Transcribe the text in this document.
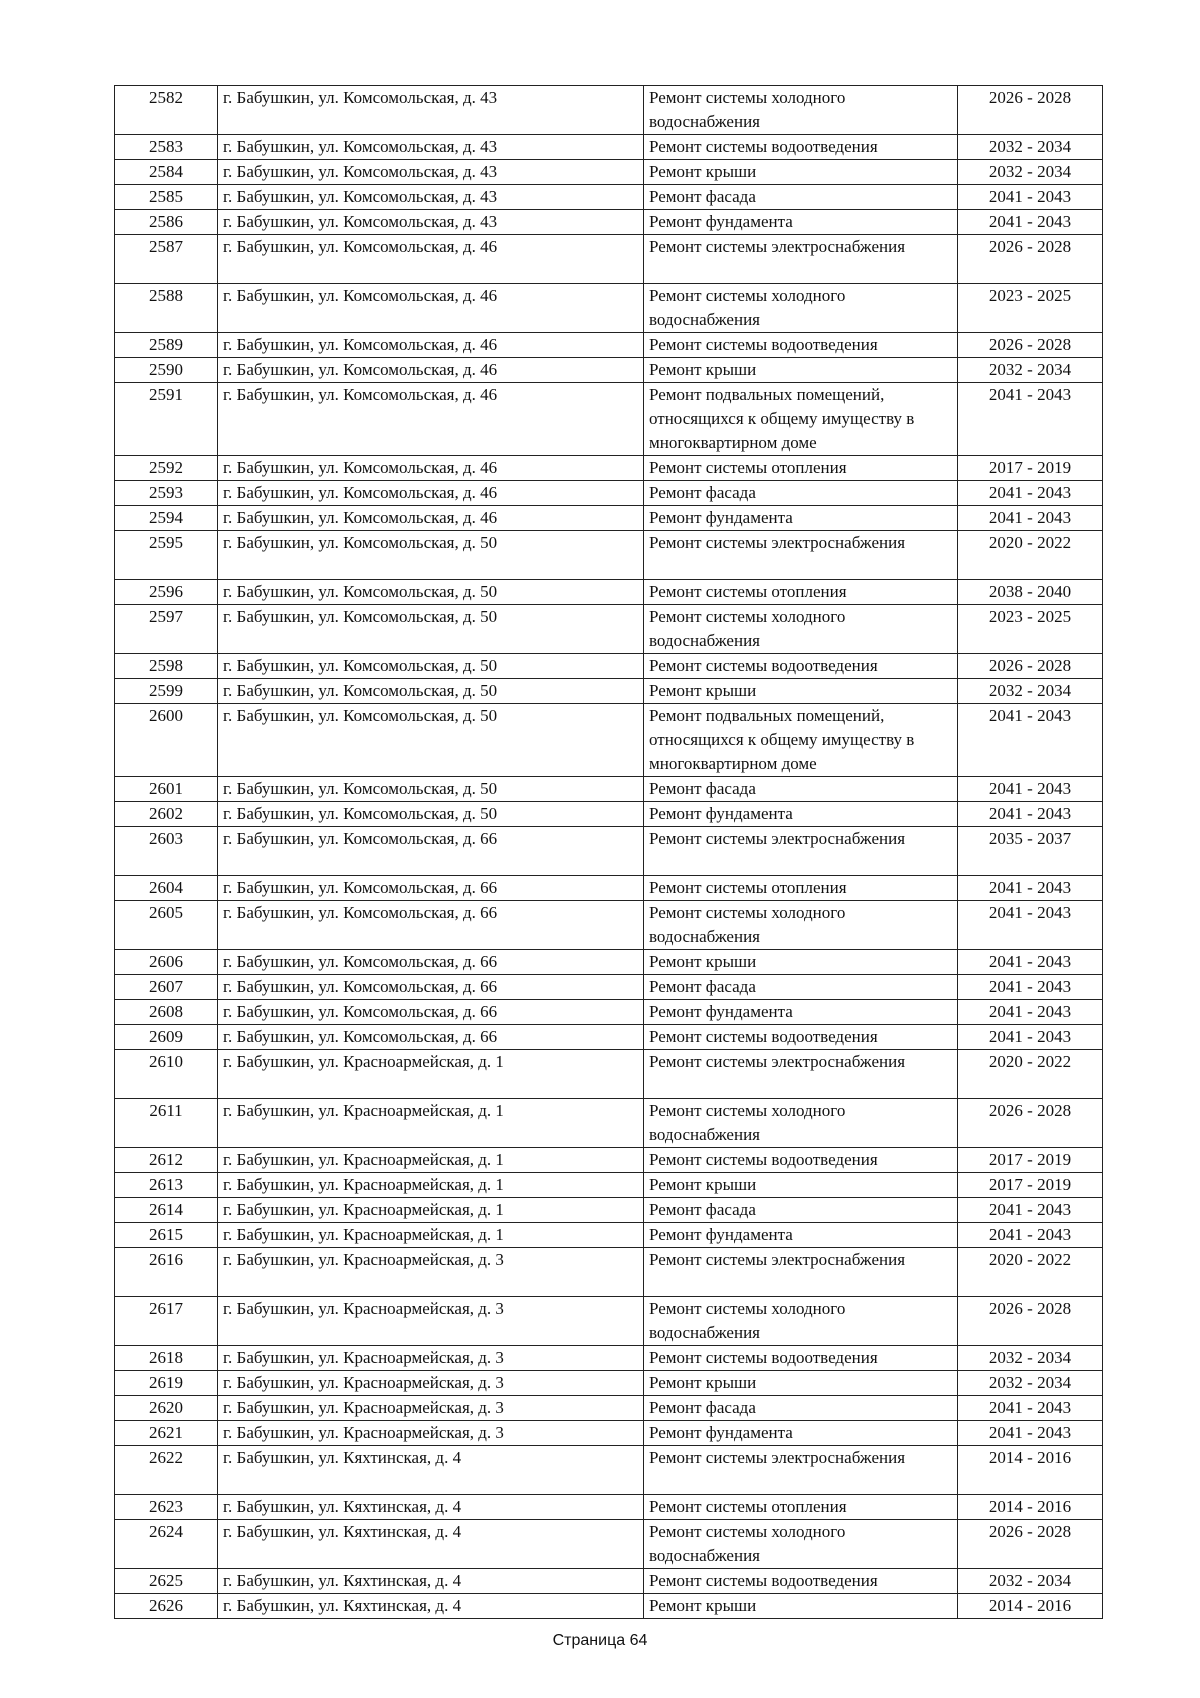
2582	г. Бабушкин, ул. Комсомольская, д. 43	Ремонт системы холодного водоснабжения	2026 - 2028
2583	г. Бабушкин, ул. Комсомольская, д. 43	Ремонт системы водоотведения	2032 - 2034
2584	г. Бабушкин, ул. Комсомольская, д. 43	Ремонт крыши	2032 - 2034
2585	г. Бабушкин, ул. Комсомольская, д. 43	Ремонт фасада	2041 - 2043
2586	г. Бабушкин, ул. Комсомольская, д. 43	Ремонт фундамента	2041 - 2043
2587	г. Бабушкин, ул. Комсомольская, д. 46	Ремонт системы электроснабжения	2026 - 2028
2588	г. Бабушкин, ул. Комсомольская, д. 46	Ремонт системы холодного водоснабжения	2023 - 2025
2589	г. Бабушкин, ул. Комсомольская, д. 46	Ремонт системы водоотведения	2026 - 2028
2590	г. Бабушкин, ул. Комсомольская, д. 46	Ремонт крыши	2032 - 2034
2591	г. Бабушкин, ул. Комсомольская, д. 46	Ремонт подвальных помещений, относящихся к общему имуществу в многоквартирном доме	2041 - 2043
2592	г. Бабушкин, ул. Комсомольская, д. 46	Ремонт системы отопления	2017 - 2019
2593	г. Бабушкин, ул. Комсомольская, д. 46	Ремонт фасада	2041 - 2043
2594	г. Бабушкин, ул. Комсомольская, д. 46	Ремонт фундамента	2041 - 2043
2595	г. Бабушкин, ул. Комсомольская, д. 50	Ремонт системы электроснабжения	2020 - 2022
2596	г. Бабушкин, ул. Комсомольская, д. 50	Ремонт системы отопления	2038 - 2040
2597	г. Бабушкин, ул. Комсомольская, д. 50	Ремонт системы холодного водоснабжения	2023 - 2025
2598	г. Бабушкин, ул. Комсомольская, д. 50	Ремонт системы водоотведения	2026 - 2028
2599	г. Бабушкин, ул. Комсомольская, д. 50	Ремонт крыши	2032 - 2034
2600	г. Бабушкин, ул. Комсомольская, д. 50	Ремонт подвальных помещений, относящихся к общему имуществу в многоквартирном доме	2041 - 2043
2601	г. Бабушкин, ул. Комсомольская, д. 50	Ремонт фасада	2041 - 2043
2602	г. Бабушкин, ул. Комсомольская, д. 50	Ремонт фундамента	2041 - 2043
2603	г. Бабушкин, ул. Комсомольская, д. 66	Ремонт системы электроснабжения	2035 - 2037
2604	г. Бабушкин, ул. Комсомольская, д. 66	Ремонт системы отопления	2041 - 2043
2605	г. Бабушкин, ул. Комсомольская, д. 66	Ремонт системы холодного водоснабжения	2041 - 2043
2606	г. Бабушкин, ул. Комсомольская, д. 66	Ремонт крыши	2041 - 2043
2607	г. Бабушкин, ул. Комсомольская, д. 66	Ремонт фасада	2041 - 2043
2608	г. Бабушкин, ул. Комсомольская, д. 66	Ремонт фундамента	2041 - 2043
2609	г. Бабушкин, ул. Комсомольская, д. 66	Ремонт системы водоотведения	2041 - 2043
2610	г. Бабушкин, ул. Красноармейская, д. 1	Ремонт системы электроснабжения	2020 - 2022
2611	г. Бабушкин, ул. Красноармейская, д. 1	Ремонт системы холодного водоснабжения	2026 - 2028
2612	г. Бабушкин, ул. Красноармейская, д. 1	Ремонт системы водоотведения	2017 - 2019
2613	г. Бабушкин, ул. Красноармейская, д. 1	Ремонт крыши	2017 - 2019
2614	г. Бабушкин, ул. Красноармейская, д. 1	Ремонт фасада	2041 - 2043
2615	г. Бабушкин, ул. Красноармейская, д. 1	Ремонт фундамента	2041 - 2043
2616	г. Бабушкин, ул. Красноармейская, д. 3	Ремонт системы электроснабжения	2020 - 2022
2617	г. Бабушкин, ул. Красноармейская, д. 3	Ремонт системы холодного водоснабжения	2026 - 2028
2618	г. Бабушкин, ул. Красноармейская, д. 3	Ремонт системы водоотведения	2032 - 2034
2619	г. Бабушкин, ул. Красноармейская, д. 3	Ремонт крыши	2032 - 2034
2620	г. Бабушкин, ул. Красноармейская, д. 3	Ремонт фасада	2041 - 2043
2621	г. Бабушкин, ул. Красноармейская, д. 3	Ремонт фундамента	2041 - 2043
2622	г. Бабушкин, ул. Кяхтинская, д. 4	Ремонт системы электроснабжения	2014 - 2016
2623	г. Бабушкин, ул. Кяхтинская, д. 4	Ремонт системы отопления	2014 - 2016
2624	г. Бабушкин, ул. Кяхтинская, д. 4	Ремонт системы холодного водоснабжения	2026 - 2028
2625	г. Бабушкин, ул. Кяхтинская, д. 4	Ремонт системы водоотведения	2032 - 2034
2626	г. Бабушкин, ул. Кяхтинская, д. 4	Ремонт крыши	2014 - 2016
Страница 64
